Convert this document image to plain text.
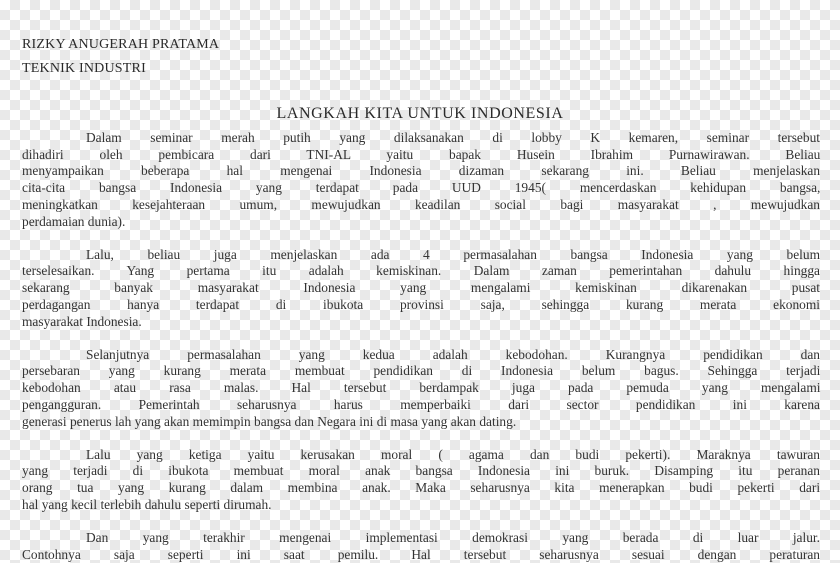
RIZKY ANUGERAH PRATAMA
TEKNIK INDUSTRI
LANGKAH KITA UNTUK INDONESIA
Dalam seminar merah putih yang dilaksanakan di lobby K kemaren, seminar tersebut
dihadiri oleh pembicara dari TNI-AL yaitu bapak Husein Ibrahim Purnawirawan. Beliau
menyampaikan beberapa hal mengenai Indonesia dizaman sekarang ini. Beliau menjelaskan
cita-cita bangsa Indonesia yang terdapat pada UUD 1945( mencerdaskan kehidupan bangsa,
meningkatkan kesejahteraan umum, mewujudkan keadilan social bagi masyarakat , mewujudkan
perdamaian dunia).
Lalu, beliau juga menjelaskan ada 4 permasalahan bangsa Indonesia yang belum
terselesaikan. Yang pertama itu adalah kemiskinan. Dalam zaman pemerintahan dahulu hingga
sekarang banyak masyarakat Indonesia yang mengalami kemiskinan dikarenakan pusat
perdagangan hanya terdapat di ibukota provinsi saja, sehingga kurang merata ekonomi
masyarakat Indonesia.
Selanjutnya permasalahan yang kedua adalah kebodohan. Kurangnya pendidikan dan
persebaran yang kurang merata membuat pendidikan di Indonesia belum bagus. Sehingga terjadi
kebodohan atau rasa malas. Hal tersebut berdampak juga pada pemuda yang mengalami
pengangguran. Pemerintah seharusnya harus memperbaiki dari sector pendidikan ini karena
generasi penerus lah yang akan memimpin bangsa dan Negara ini di masa yang akan dating.
Lalu yang ketiga yaitu kerusakan moral ( agama dan budi pekerti). Maraknya tawuran
yang terjadi di ibukota membuat moral anak bangsa Indonesia ini buruk. Disamping itu peranan
orang tua yang kurang dalam membina anak. Maka seharusnya kita menerapkan budi pekerti dari
hal yang kecil terlebih dahulu seperti dirumah.
Dan yang terakhir mengenai implementasi demokrasi yang berada di luar jalur.
Contohnya saja seperti ini saat pemilu. Hal tersebut seharusnya sesuai dengan peraturan
